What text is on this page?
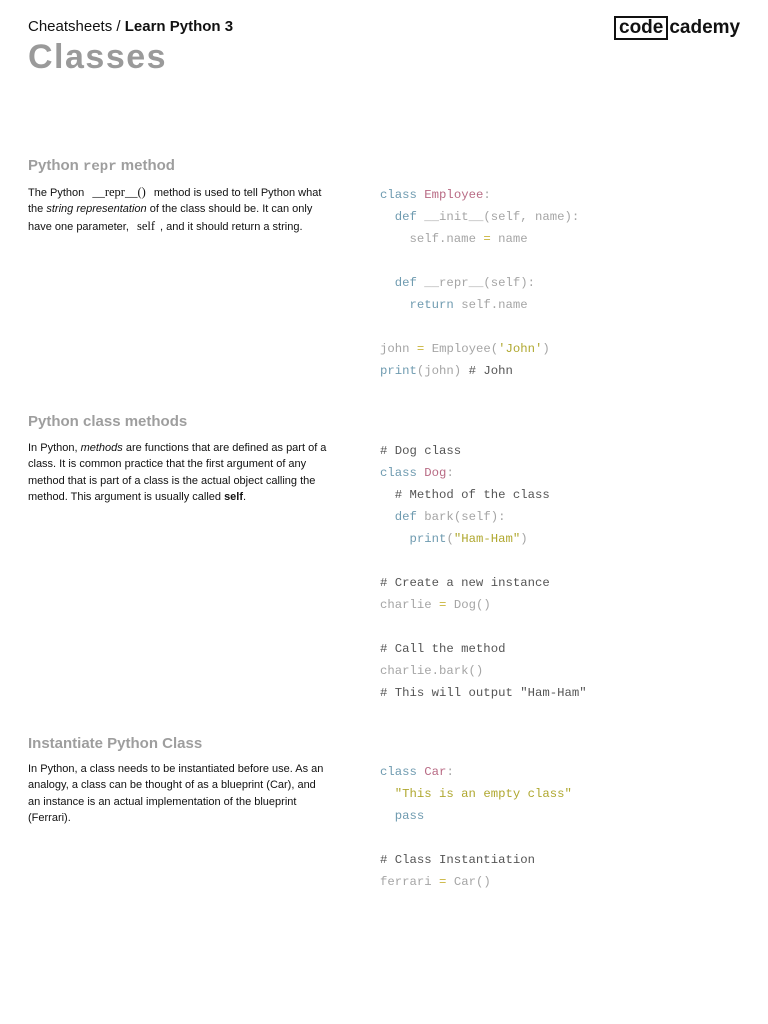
Cheatsheets / Learn Python 3	code cademy
Classes
Python repr method

The Python __repr__() method is used to tell Python what the string representation of the class should be. It can only have one parameter, self , and it should return a string.

class Employee:
def __init__(self, name):
self.name = name

def __repr__(self):
return self.name

john = Employee('John')
print(john) # John
Python class methods

In Python, methods are functions that are defined as part of a class. It is common practice that the first argument of any method that is part of a class is the actual object calling the method. This argument is usually called self.

# Dog class
class Dog:
# Method of the class
def bark(self):
print("Ham-Ham")

# Create a new instance
charlie = Dog()

# Call the method
charlie.bark()
# This will output "Ham-Ham"
Instantiate Python Class

In Python, a class needs to be instantiated before use. As an analogy, a class can be thought of as a blueprint (Car), and an instance is an actual implementation of the blueprint (Ferrari).

class Car:
"This is an empty class"
pass

# Class Instantiation
ferrari = Car()
